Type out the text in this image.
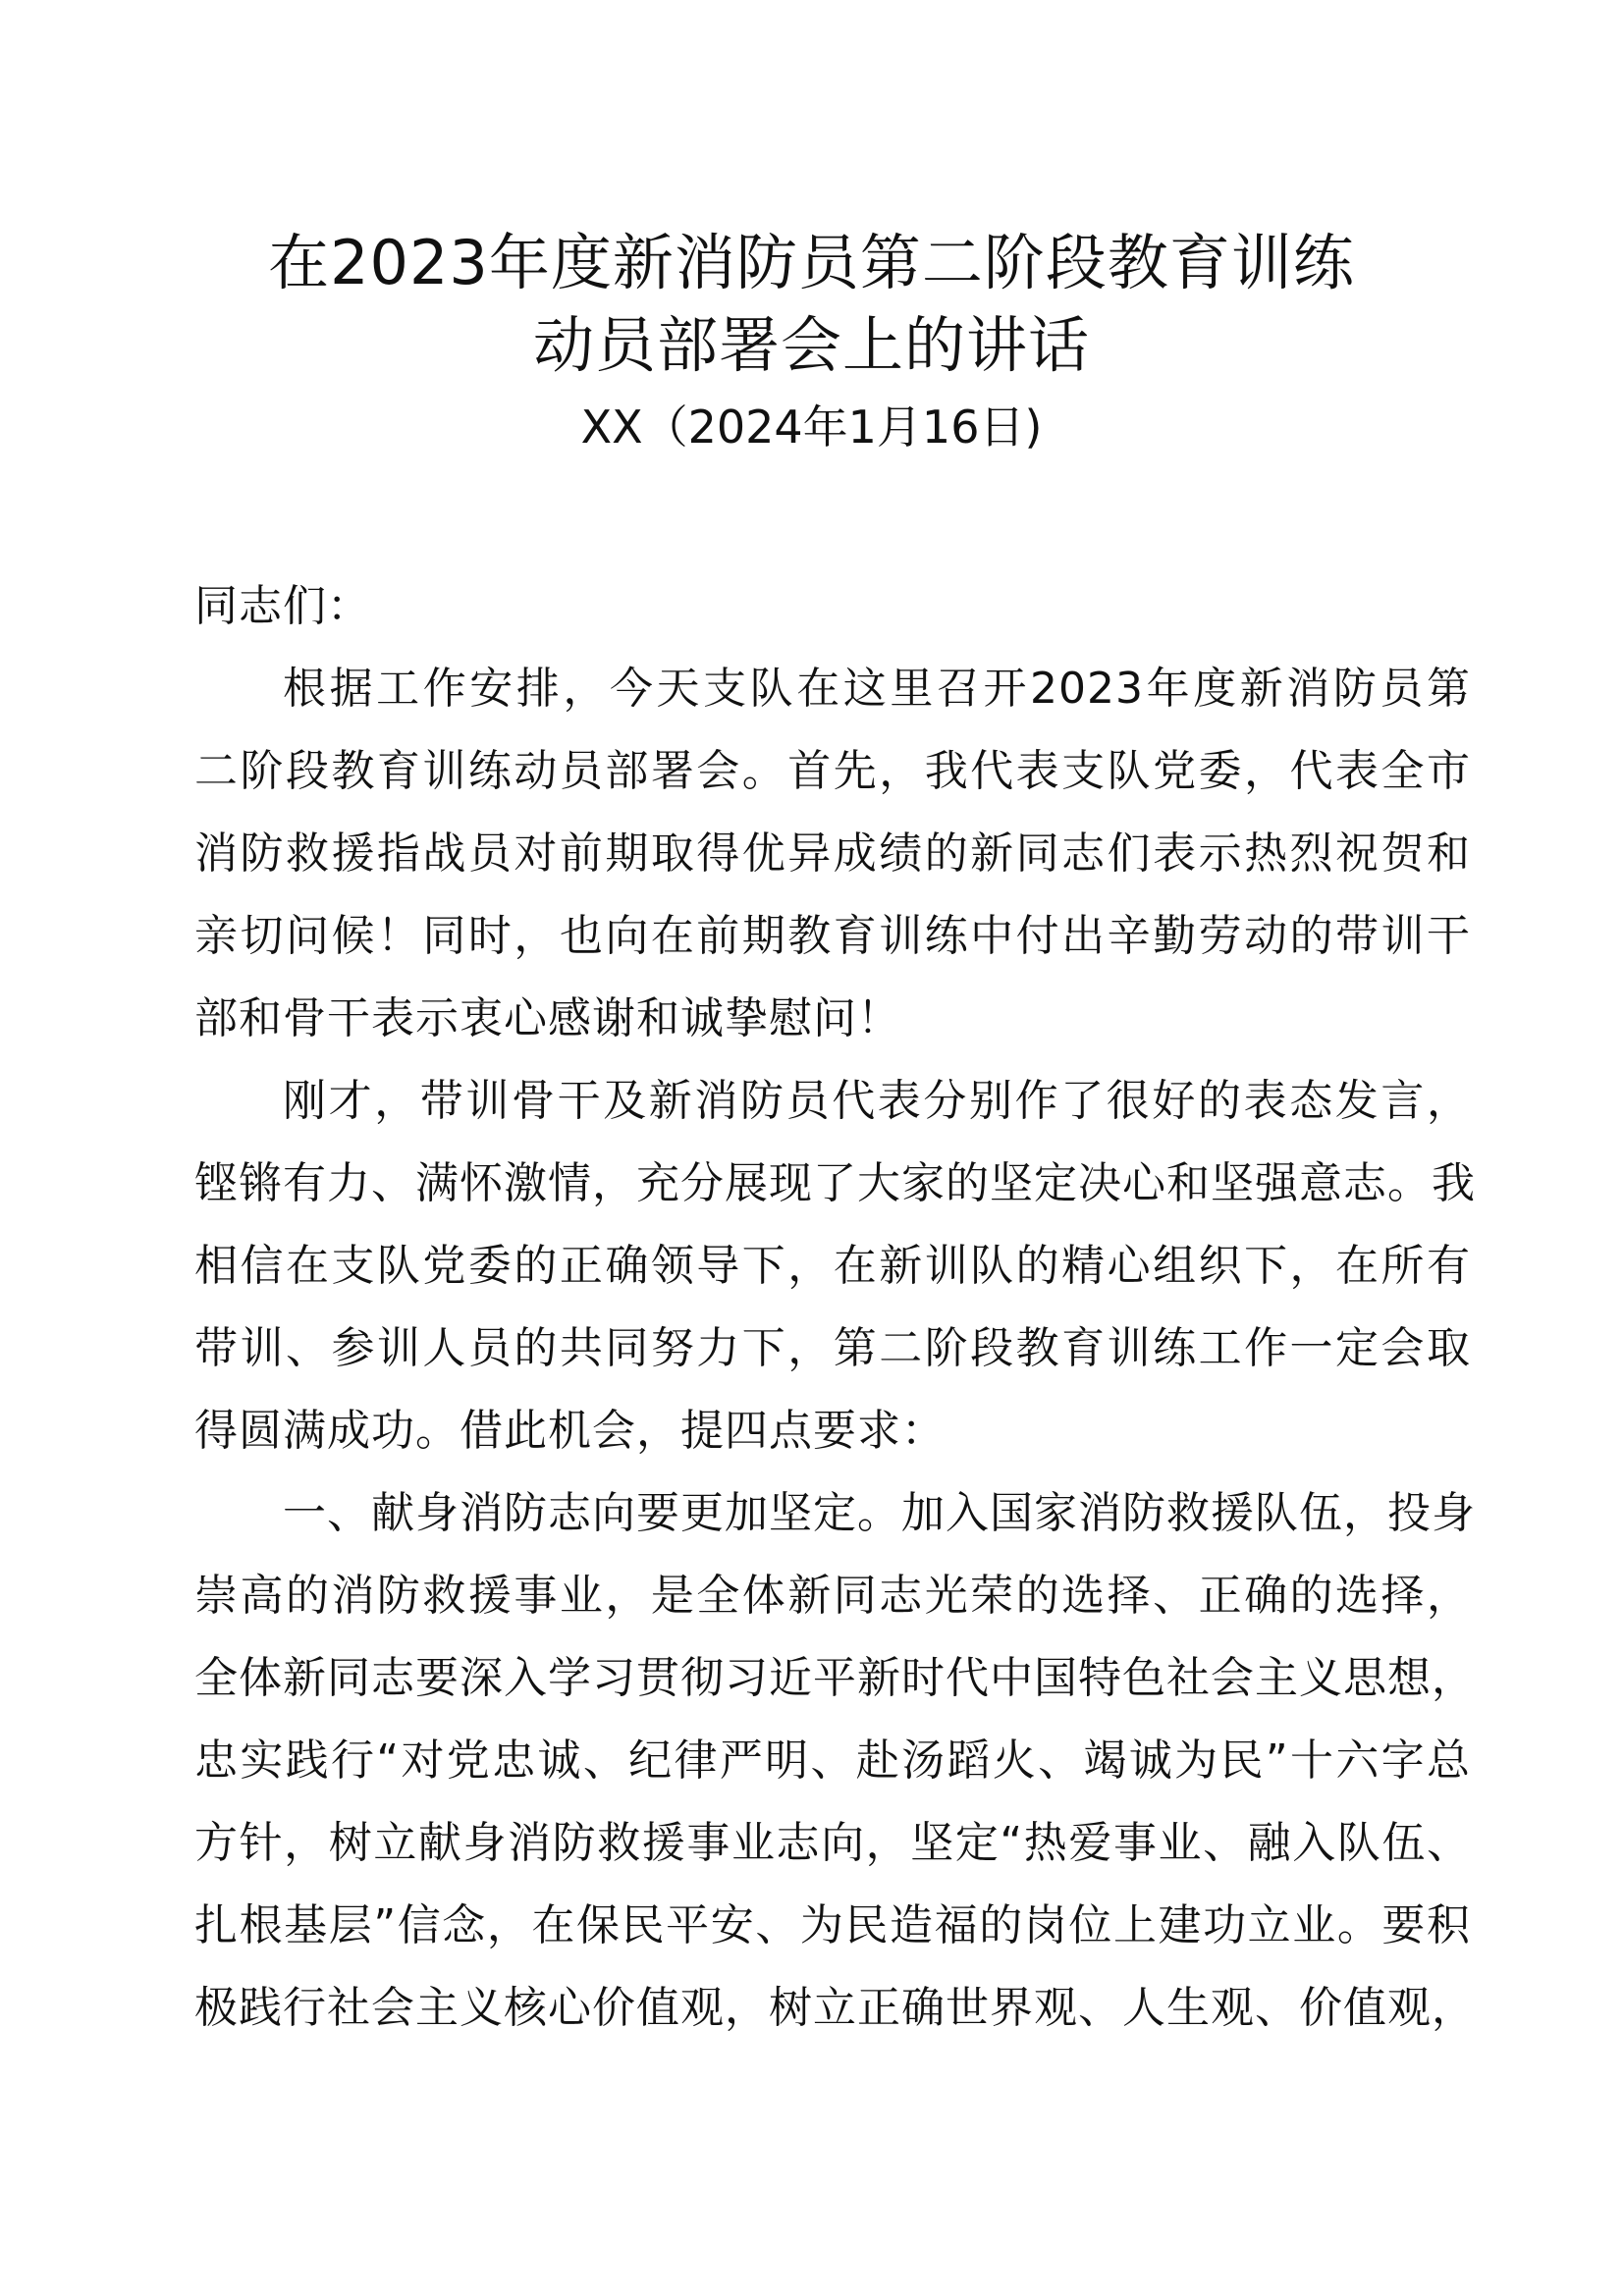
在2023年度新消防员第二阶段教育训练
动员部署会上的讲话
XX（2024年1月16日)
同志们：
根据工作安排，今天支队在这里召开2023年度新消防员第
二阶段教育训练动员部署会。首先，我代表支队党委，代表全市
消防救援指战员对前期取得优异成绩的新同志们表示热烈祝贺和
亲切问候！同时，也向在前期教育训练中付出辛勤劳动的带训干
部和骨干表示衷心感谢和诚挚慰问！
刚才，带训骨干及新消防员代表分别作了很好的表态发言，
铿锵有力、满怀激情，充分展现了大家的坚定决心和坚强意志。我
相信在支队党委的正确领导下，在新训队的精心组织下，在所有
带训、参训人员的共同努力下，第二阶段教育训练工作一定会取
得圆满成功。借此机会，提四点要求：
一、献身消防志向要更加坚定。加入国家消防救援队伍，投身
崇高的消防救援事业，是全体新同志光荣的选择、正确的选择，
全体新同志要深入学习贯彻习近平新时代中国特色社会主义思想，
忠实践行“对党忠诚、纪律严明、赴汤蹈火、竭诚为民”十六字总
方针，树立献身消防救援事业志向，坚定“热爱事业、融入队伍、
扎根基层”信念，在保民平安、为民造福的岗位上建功立业。要积
极践行社会主义核心价值观，树立正确世界观、人生观、价值观，
